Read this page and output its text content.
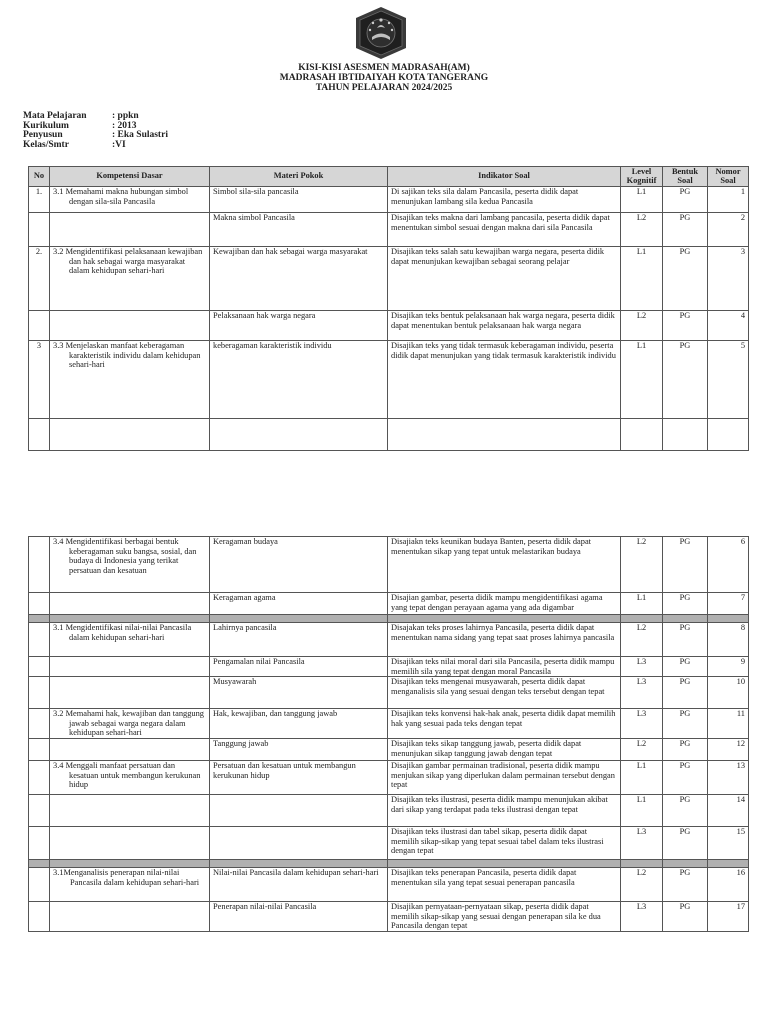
KISI-KISI ASESMEN MADRASAH(AM)
MADRASAH IBTIDAIYAH KOTA TANGERANG
TAHUN PELAJARAN 2024/2025
Mata Pelajaran	: ppkn
Kurikulum	: 2013
Penyusun	: Eka Sulastri
Kelas/Smtr	:VI
No	Kompetensi Dasar	Materi Pokok	Indikator Soal	Level Kognitif	Bentuk Soal	Nomor Soal
1.	3.1 Memahami makna hubungan simbol dengan sila-sila Pancasila	Simbol sila-sila pancasila	Di sajikan teks sila dalam Pancasila, peserta didik dapat menunjukan lambang sila kedua Pancasila	L1	PG	1

	Makna simbol Pancasila	Disajikan teks makna dari lambang pancasila, peserta didik dapat menentukan simbol sesuai dengan makna dari sila Pancasila	L2	PG	2
2.	3.2 Mengidentifikasi pelaksanaan kewajiban dan hak sebagai warga masyarakat dalam kehidupan sehari-hari	Kewajiban dan hak sebagai warga masyarakat	Disajikan teks salah satu kewajiban warga negara, peserta didik dapat menunjukan kewajiban sebagai seorang pelajar	L1	PG	3

	Pelaksanaan hak warga negara	Disajikan teks bentuk pelaksanaan hak warga negara, peserta didik dapat menentukan bentuk pelaksanaan hak warga negara	L2	PG	4
3	3.3 Menjelaskan manfaat keberagaman karakteristik individu dalam kehidupan sehari-hari	keberagaman karakteristik individu	Disajikan teks yang tidak termasuk keberagaman individu, peserta didik dapat menunjukan yang tidak termasuk karakteristik individu	L1	PG	5

	3.4 Mengidentifikasi berbagai bentuk keberagaman suku bangsa, sosial, dan budaya di Indonesia yang terikat persatuan dan kesatuan	Keragaman budaya	Disajiakn teks keunikan budaya Banten, peserta didik dapat menentukan sikap yang tepat untuk melastarikan budaya	L2	PG	6

	Keragaman agama	Disajian gambar, peserta didik mampu mengidentifikasi agama yang tepat dengan perayaan agama yang ada digambar	L1	PG	7

	3.1 Mengidentifikasi nilai-nilai Pancasila dalam kehidupan sehari-hari	Lahirnya pancasila	Disajakan teks proses lahirnya Pancasila, peserta didik dapat menentukan nama sidang yang tepat saat proses lahirnya pancasila	L2	PG	8

	Pengamalan nilai Pancasila	Disajikan teks nilai moral dari sila Pancasila, peserta didik mampu memilih sila yang tepat dengan moral Pancasila	L3	PG	9

	Musyawarah	Disajikan teks mengenai musyawarah, peserta didik dapat menganalisis sila yang sesuai dengan teks tersebut dengan tepat	L3	PG	10

	3.2 Memahami hak, kewajiban dan tanggung jawab sebagai warga negara dalam kehidupan sehari-hari	Hak, kewajiban, dan tanggung jawab	Disajikan teks konvensi hak-hak anak, peserta didik dapat memilih hak yang sesuai pada teks dengan tepat	L3	PG	11

	Tanggung jawab	Disajikan teks sikap tanggung jawab, peserta didik dapat menunjukan sikap tanggung jawab dengan tepat	L2	PG	12

	3.4 Menggali manfaat persatuan dan kesatuan untuk membangun kerukunan hidup	Persatuan dan kesatuan untuk membangun kerukunan hidup	Disajikan gambar permainan tradisional, peserta didik mampu menjukan sikap yang diperlukan dalam permainan tersebut dengan tepat	L1	PG	13

		Disajikan teks ilustrasi, peserta didik mampu menunjukan akibat dari sikap yang terdapat pada teks ilustrasi dengan tepat	L1	PG	14

		Disajikan teks ilustrasi dan tabel sikap, peserta didik dapat memilih sikap-sikap yang tepat sesuai tabel dalam teks ilustrasi dengan tepat	L3	PG	15

	3.1Menganalisis penerapan nilai-nilai Pancasila dalam kehidupan sehari-hari	Nilai-nilai Pancasila dalam kehidupan sehari-hari	Disajikan teks penerapan Pancasila, peserta didik dapat menentukan sila yang tepat sesuai penerapan pancasila	L2	PG	16

	Penerapan nilai-nilai Pancasila	Disajikan pernyataan-pernyataan sikap, peserta didik dapat memilih sikap-sikap yang sesuai dengan penerapan sila ke dua Pancasila dengan tepat	L3	PG	17
